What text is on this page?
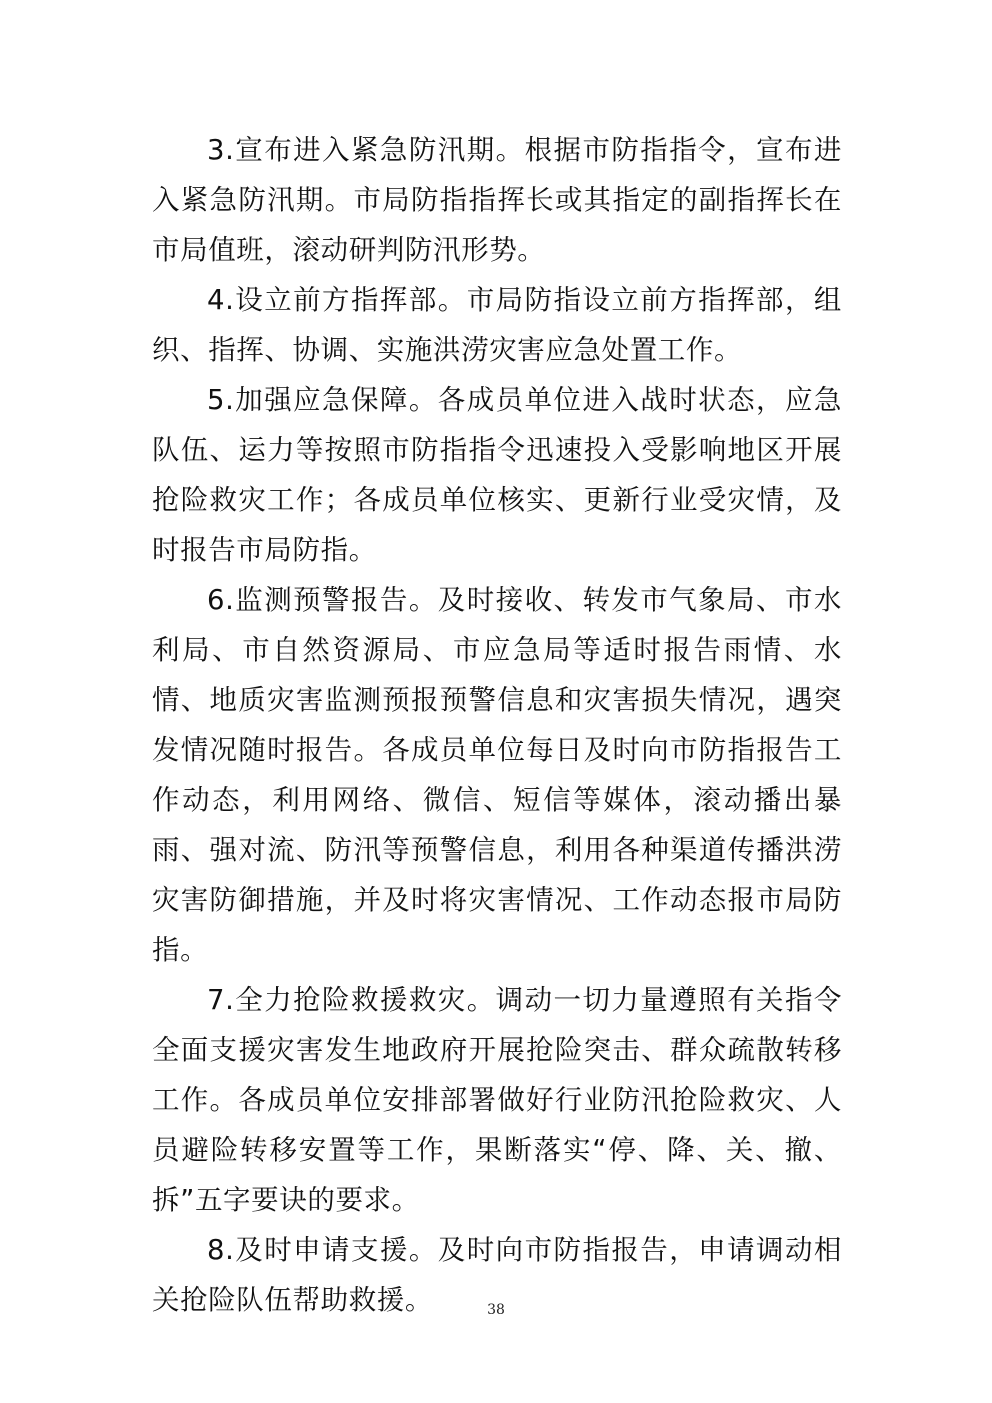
3.宣布进入紧急防汛期。根据市防指指令，宣布进入紧急防汛期。市局防指指挥长或其指定的副指挥长在市局值班，滚动研判防汛形势。

4.设立前方指挥部。市局防指设立前方指挥部，组织、指挥、协调、实施洪涝灾害应急处置工作。

5.加强应急保障。各成员单位进入战时状态，应急队伍、运力等按照市防指指令迅速投入受影响地区开展抢险救灾工作；各成员单位核实、更新行业受灾情，及时报告市局防指。

6.监测预警报告。及时接收、转发市气象局、市水利局、市自然资源局、市应急局等适时报告雨情、水情、地质灾害监测预报预警信息和灾害损失情况，遇突发情况随时报告。各成员单位每日及时向市防指报告工作动态，利用网络、微信、短信等媒体，滚动播出暴雨、强对流、防汛等预警信息，利用各种渠道传播洪涝灾害防御措施，并及时将灾害情况、工作动态报市局防指。

7.全力抢险救援救灾。调动一切力量遵照有关指令全面支援灾害发生地政府开展抢险突击、群众疏散转移工作。各成员单位安排部署做好行业防汛抢险救灾、人员避险转移安置等工作，果断落实“停、降、关、撤、拆”五字要诀的要求。

8.及时申请支援。及时向市防指报告，申请调动相关抢险队伍帮助救援。	38
